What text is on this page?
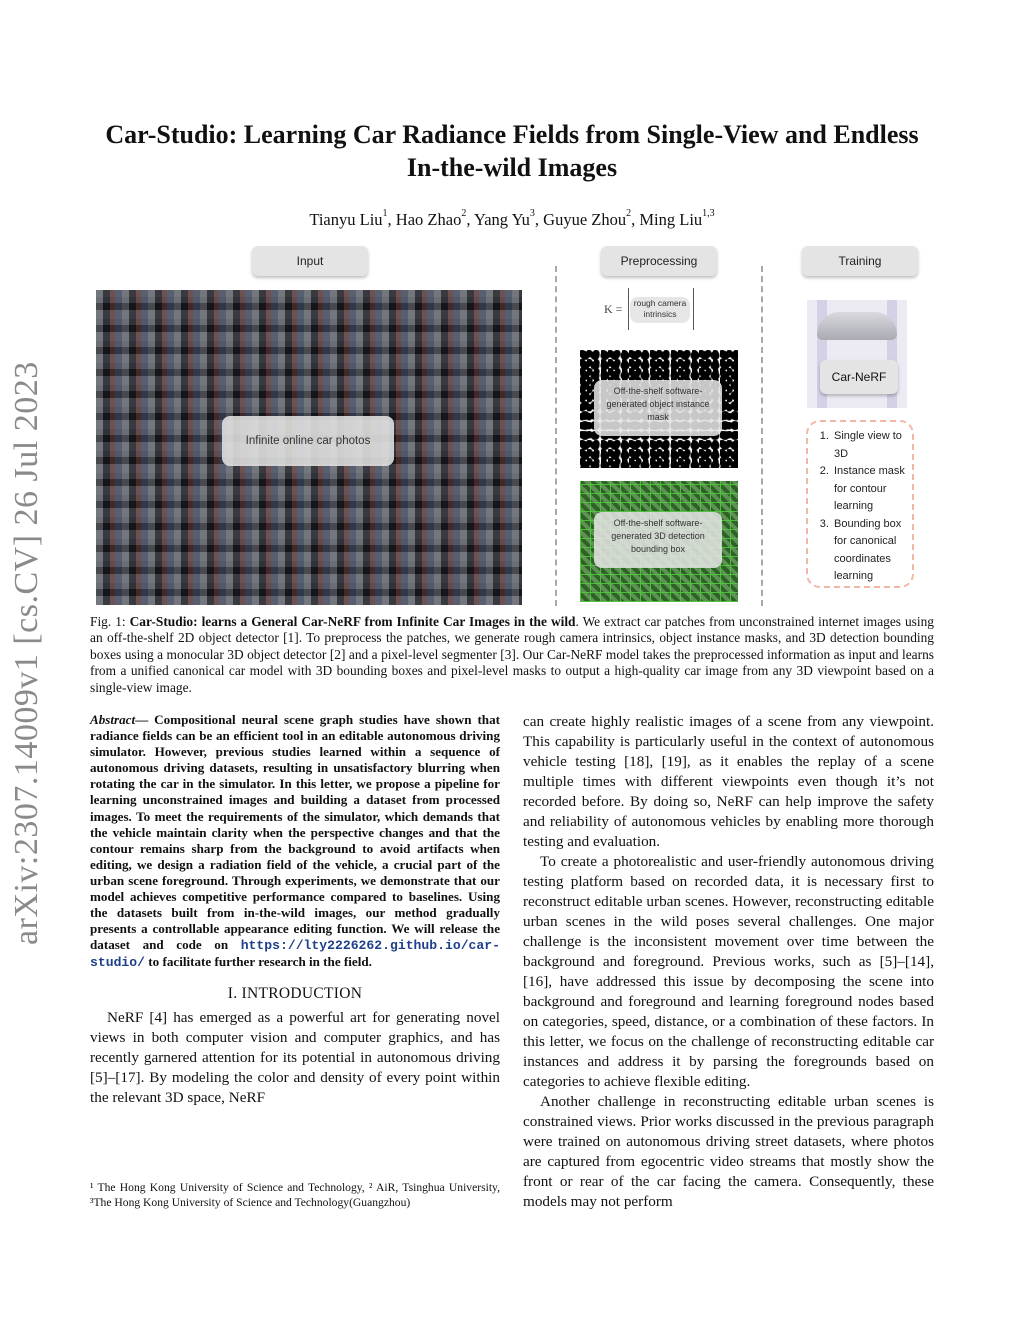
arXiv:2307.14009v1 [cs.CV] 26 Jul 2023
Car-Studio: Learning Car Radiance Fields from Single-View and Endless In-the-wild Images
Tianyu Liu$^1$, Hao Zhao$^2$, Yang Yu$^3$, Guyue Zhou$^2$, Ming Liu$^{1,3}$
Input	Preprocessing	Training
Infinite online car photos
K =	rough camera intrinsics
Off-the-shelf software-generated object instance mask
Off-the-shelf software-generated 3D detection bounding box
Car-NeRF
1. Single view to 3D
2. Instance mask for contour learning
3. Bounding box for canonical coordinates learning
Fig. 1: Car-Studio: learns a General Car-NeRF from Infinite Car Images in the wild. We extract car patches from unconstrained internet images using an off-the-shelf 2D object detector [1]. To preprocess the patches, we generate rough camera intrinsics, object instance masks, and 3D detection bounding boxes using a monocular 3D object detector [2] and a pixel-level segmenter [3]. Our Car-NeRF model takes the preprocessed information as input and learns from a unified canonical car model with 3D bounding boxes and pixel-level masks to output a high-quality car image from any 3D viewpoint based on a single-view image.
Abstract— Compositional neural scene graph studies have shown that radiance fields can be an efficient tool in an editable autonomous driving simulator. However, previous studies learned within a sequence of autonomous driving datasets, resulting in unsatisfactory blurring when rotating the car in the simulator. In this letter, we propose a pipeline for learning unconstrained images and building a dataset from processed images. To meet the requirements of the simulator, which demands that the vehicle maintain clarity when the perspective changes and that the contour remains sharp from the background to avoid artifacts when editing, we design a radiation field of the vehicle, a crucial part of the urban scene foreground. Through experiments, we demonstrate that our model achieves competitive performance compared to baselines. Using the datasets built from in-the-wild images, our method gradually presents a controllable appearance editing function. We will release the dataset and code on https://lty2226262.github.io/car-studio/ to facilitate further research in the field.
I. INTRODUCTION

NeRF [4] has emerged as a powerful art for generating novel views in both computer vision and computer graphics, and has recently garnered attention for its potential in autonomous driving [5]–[17]. By modeling the color and density of every point within the relevant 3D space, NeRF

¹ The Hong Kong University of Science and Technology, ² AiR, Tsinghua University, ³The Hong Kong University of Science and Technology(Guangzhou)

can create highly realistic images of a scene from any viewpoint. This capability is particularly useful in the context of autonomous vehicle testing [18], [19], as it enables the replay of a scene multiple times with different viewpoints even though it’s not recorded before. By doing so, NeRF can help improve the safety and reliability of autonomous vehicles by enabling more thorough testing and evaluation.

To create a photorealistic and user-friendly autonomous driving testing platform based on recorded data, it is necessary first to reconstruct editable urban scenes. However, reconstructing editable urban scenes in the wild poses several challenges. One major challenge is the inconsistent movement over time between the background and foreground. Previous works, such as [5]–[14], [16], have addressed this issue by decomposing the scene into background and foreground and learning foreground nodes based on categories, speed, distance, or a combination of these factors. In this letter, we focus on the challenge of reconstructing editable car instances and address it by parsing the foregrounds based on categories to achieve flexible editing.

Another challenge in reconstructing editable urban scenes is constrained views. Prior works discussed in the previous paragraph were trained on autonomous driving street datasets, where photos are captured from egocentric video streams that mostly show the front or rear of the car facing the camera. Consequently, these models may not perform
